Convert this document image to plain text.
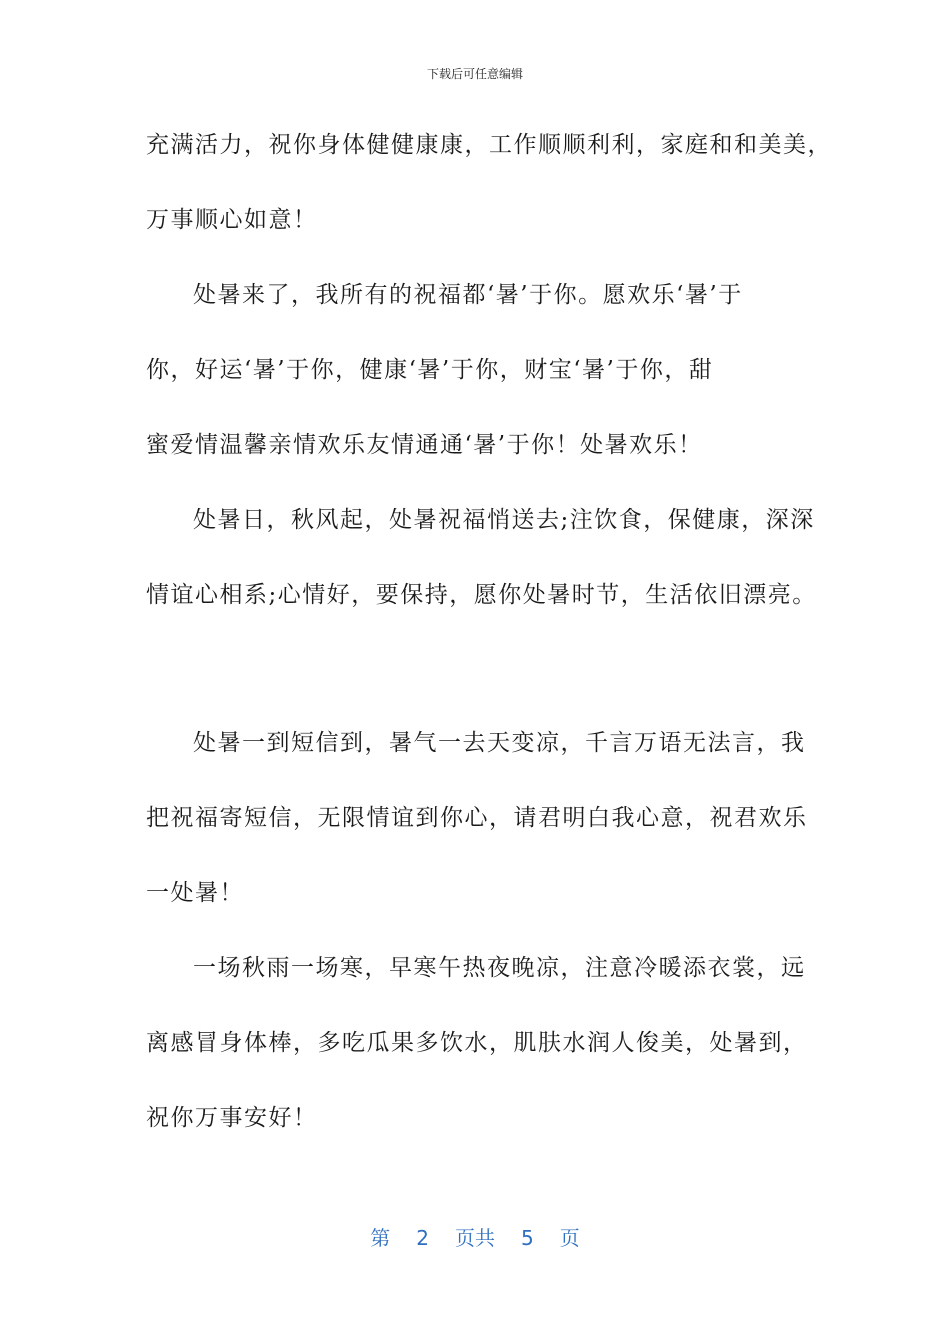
下载后可任意编辑
充满活力，祝你身体健健康康，工作顺顺利利，家庭和和美美，
万事顺心如意！
处暑来了，我所有的祝福都‘暑’于你。愿欢乐‘暑’于
你，好运‘暑’于你，健康‘暑’于你，财宝‘暑’于你，甜
蜜爱情温馨亲情欢乐友情通通‘暑’于你！处暑欢乐！
处暑日，秋风起，处暑祝福悄送去;注饮食，保健康，深深
情谊心相系;心情好，要保持，愿你处暑时节，生活依旧漂亮。
处暑一到短信到，暑气一去天变凉，千言万语无法言，我
把祝福寄短信，无限情谊到你心，请君明白我心意，祝君欢乐
一处暑！
一场秋雨一场寒，早寒午热夜晚凉，注意冷暖添衣裳，远
离感冒身体棒，多吃瓜果多饮水，肌肤水润人俊美，处暑到，
祝你万事安好！
第 2 页共 5 页
